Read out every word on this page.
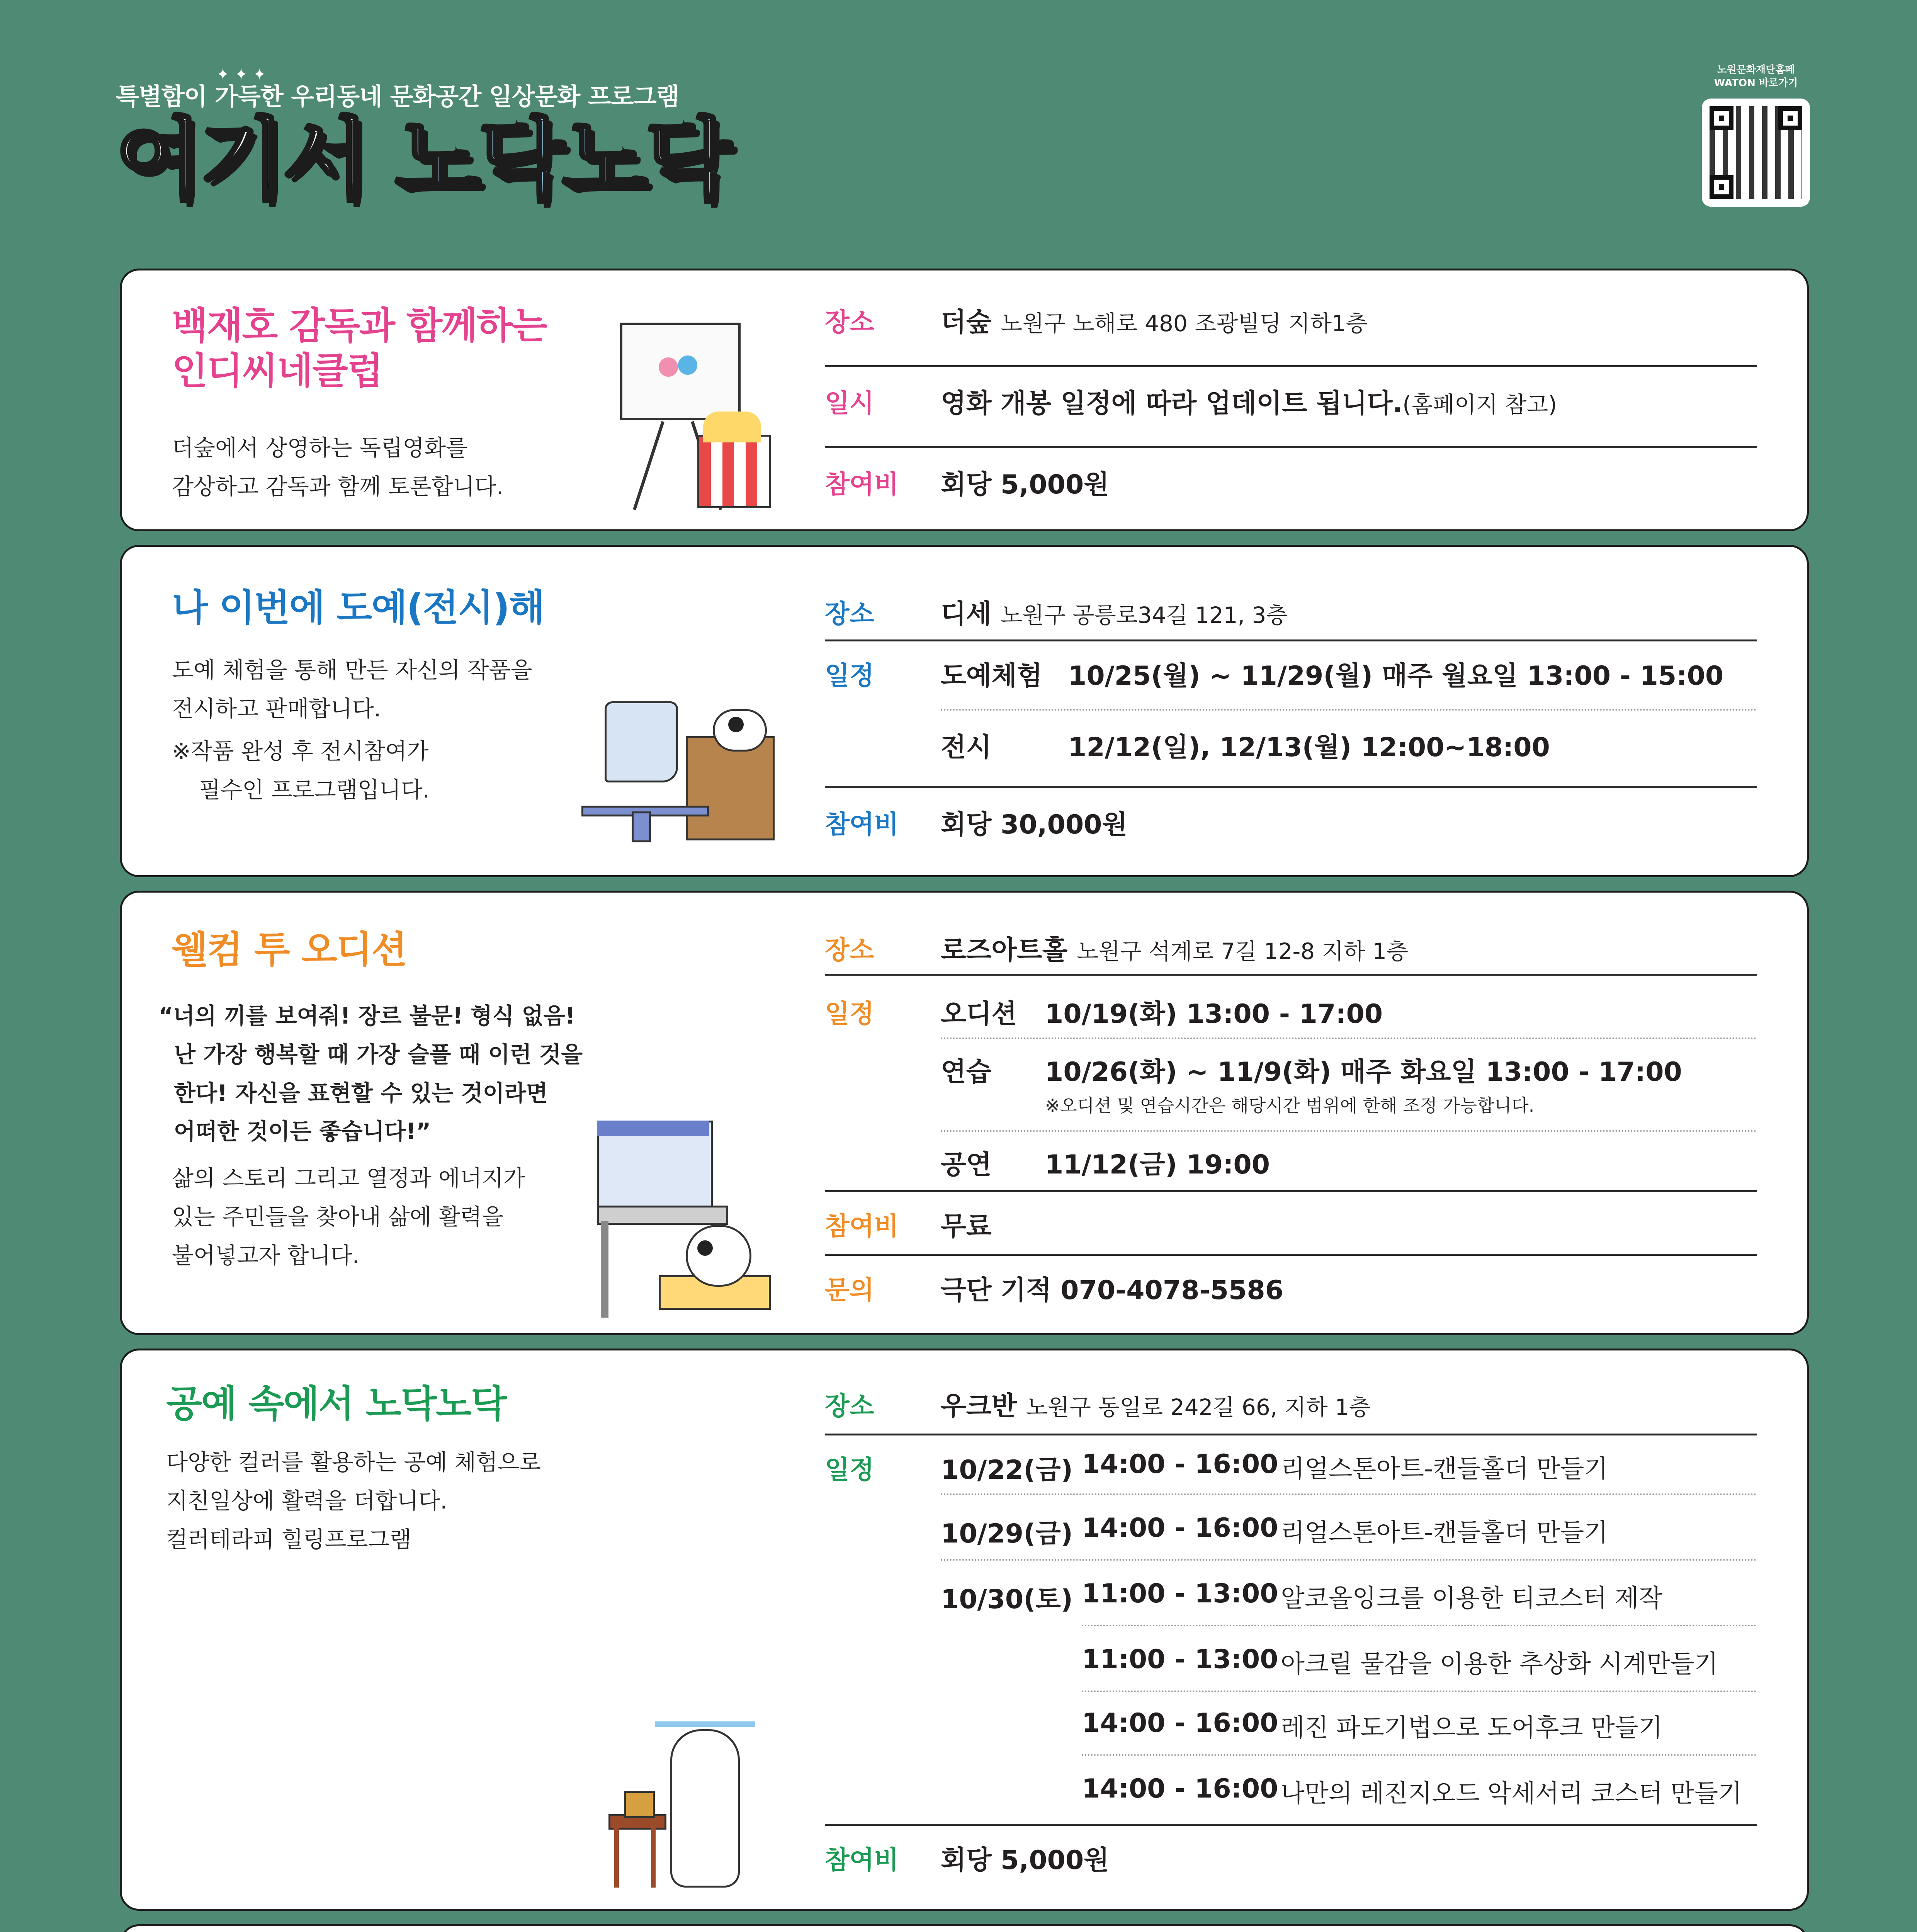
✦✦✦
특별함이 가득한 우리동네 문화공간 일상문화 프로그램
여기서 노닥노닥
노원문화재단홈페
WATON 바로가기
백재호 감독과 함께하는
인디씨네클럽
더숲에서 상영하는 독립영화를
감상하고 감독과 함께 토론합니다.
장소	더숲 노원구 노해로 480 조광빌딩 지하1층
일시	영화 개봉 일정에 따라 업데이트 됩니다.(홈페이지 참고)
참여비 회당 5,000원
나 이번에 도예(전시)해
도예 체험을 통해 만든 자신의 작품을
전시하고 판매합니다.
※작품 완성 후 전시참여가
필수인 프로그램입니다.
장소	디세 노원구 공릉로34길 121, 3층
일정	도예체험 10/25(월) ~ 11/29(월) 매주 월요일 13:00 - 15:00
전시	12/12(일), 12/13(월) 12:00~18:00
참여비 회당 30,000원
웰컴 투 오디션
“너의 끼를 보여줘! 장르 불문! 형식 없음!
난 가장 행복할 때 가장 슬플 때 이런 것을
한다! 자신을 표현할 수 있는 것이라면
어떠한 것이든 좋습니다!”
삶의 스토리 그리고 열정과 에너지가
있는 주민들을 찾아내 삶에 활력을
불어넣고자 합니다.
장소	로즈아트홀 노원구 석계로 7길 12-8 지하 1층
일정	오디션 10/19(화) 13:00 - 17:00
연습 10/26(화) ~ 11/9(화) 매주 화요일 13:00 - 17:00
※오디션 및 연습시간은 해당시간 범위에 한해 조정 가능합니다.
공연 11/12(금) 19:00
참여비 무료
문의	극단 기적 070-4078-5586
공예 속에서 노닥노닥
다양한 컬러를 활용하는 공예 체험으로
지친일상에 활력을 더합니다.
컬러테라피 힐링프로그램
장소	우크반 노원구 동일로 242길 66, 지하 1층
일정	10/22(금) 14:00 - 16:00 리얼스톤아트-캔들홀더 만들기
10/29(금) 14:00 - 16:00 리얼스톤아트-캔들홀더 만들기
10/30(토) 11:00 - 13:00 알코올잉크를 이용한 티코스터 제작
11:00 - 13:00 아크릴 물감을 이용한 추상화 시계만들기
14:00 - 16:00 레진 파도기법으로 도어후크 만들기
14:00 - 16:00 나만의 레진지오드 악세서리 코스터 만들기
참여비 회당 5,000원
